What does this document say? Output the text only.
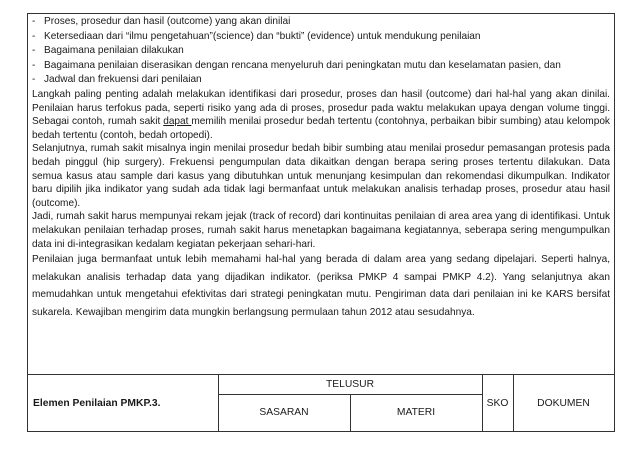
- Proses, prosedur dan hasil (outcome) yang akan dinilai
- Ketersediaan dari “ilmu pengetahuan”(science) dan “bukti” (evidence) untuk mendukung penilaian
- Bagaimana penilaian dilakukan
- Bagaimana penilaian diserasikan dengan rencana menyeluruh dari peningkatan mutu dan keselamatan pasien, dan
- Jadwal dan frekuensi dari penilaian
Langkah paling penting adalah melakukan identifikasi dari prosedur, proses dan hasil (outcome) dari hal-hal yang akan dinilai. Penilaian harus terfokus pada, seperti risiko yang ada di proses, prosedur pada waktu melakukan upaya dengan volume tinggi. Sebagai contoh, rumah sakit dapat memilih menilai prosedur bedah tertentu (contohnya, perbaikan bibir sumbing) atau kelompok bedah tertentu (contoh, bedah ortopedi).
Selanjutnya, rumah sakit misalnya ingin menilai prosedur bedah bibir sumbing atau menilai prosedur pemasangan protesis pada bedah pinggul (hip surgery). Frekuensi pengumpulan data dikaitkan dengan berapa sering proses tertentu dilakukan. Data semua kasus atau sample dari kasus yang dibutuhkan untuk menunjang kesimpulan dan rekomendasi dikumpulkan. Indikator baru dipilih jika indikator yang sudah ada tidak lagi bermanfaat untuk melakukan analisis terhadap proses, prosedur atau hasil (outcome).
Jadi, rumah sakit harus mempunyai rekam jejak (track of record) dari kontinuitas penilaian di area area yang di identifikasi. Untuk melakukan penilaian terhadap proses, rumah sakit harus menetapkan bagaimana kegiatannya, seberapa sering mengumpulkan data ini di-integrasikan kedalam kegiatan pekerjaan sehari-hari.
Penilaian juga bermanfaat untuk lebih memahami hal-hal yang berada di dalam area yang sedang dipelajari. Seperti halnya, melakukan analisis terhadap data yang dijadikan indikator. (periksa PMKP 4 sampai PMKP 4.2). Yang selanjutnya akan memudahkan untuk mengetahui efektivitas dari strategi peningkatan mutu. Pengiriman data dari penilaian ini ke KARS bersifat sukarela. Kewajiban mengirim data mungkin berlangsung permulaan tahun 2012 atau sesudahnya.
Elemen Penilaian PMKP.3.
TELUSUR
SASARAN	MATERI
SKO	DOKUMEN
